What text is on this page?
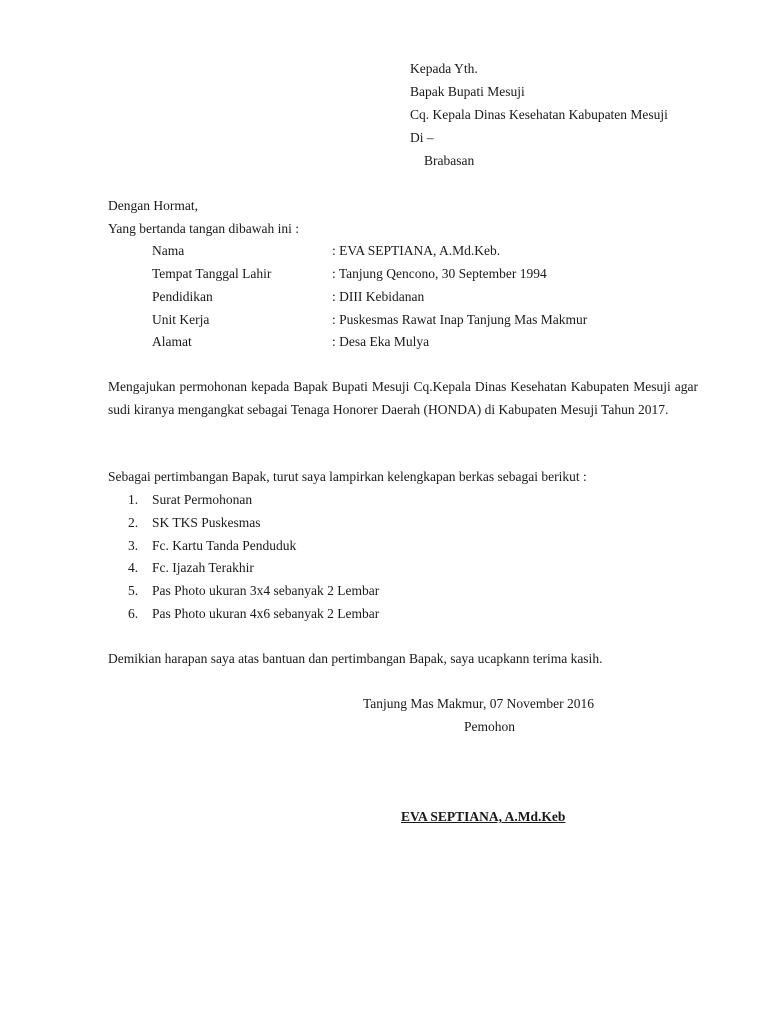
Kepada Yth.
Bapak Bupati Mesuji
Cq. Kepala Dinas Kesehatan Kabupaten Mesuji
Di –
Brabasan
Dengan Hormat,
Yang bertanda tangan dibawah ini :
Nama	: EVA SEPTIANA, A.Md.Keb.
Tempat Tanggal Lahir	: Tanjung Qencono, 30 September 1994
Pendidikan	: DIII Kebidanan
Unit Kerja	: Puskesmas Rawat Inap Tanjung Mas Makmur
Alamat	: Desa Eka Mulya
Mengajukan permohonan kepada Bapak Bupati Mesuji Cq.Kepala Dinas Kesehatan Kabupaten Mesuji agar sudi kiranya mengangkat sebagai Tenaga Honorer Daerah (HONDA) di Kabupaten Mesuji Tahun 2017.
Sebagai pertimbangan Bapak, turut saya lampirkan kelengkapan berkas sebagai berikut :
1. Surat Permohonan
2. SK TKS Puskesmas
3. Fc. Kartu Tanda Penduduk
4. Fc. Ijazah Terakhir
5. Pas Photo ukuran 3x4 sebanyak 2 Lembar
6. Pas Photo ukuran 4x6 sebanyak 2 Lembar
Demikian harapan saya atas bantuan dan pertimbangan Bapak, saya ucapkann terima kasih.
Tanjung Mas Makmur, 07 November 2016
Pemohon
EVA SEPTIANA, A.Md.Keb
